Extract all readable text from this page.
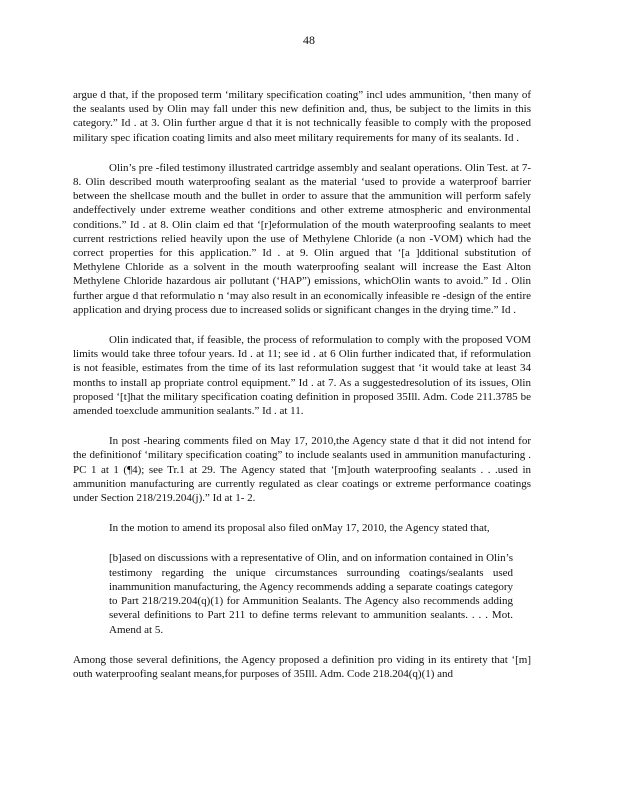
48

argue d that, if the proposed term ‘military specification coating” incl udes ammunition, ‘then many of the sealants used by Olin may fall under this new definition and, thus, be subject to the limits in this category.” Id . at 3. Olin further argue d that it is not technically feasible to comply with the proposed military spec ification coating limits and also meet military requirements for many of its sealants. Id .

Olin’s pre -filed testimony illustrated cartridge assembly and sealant operations. Olin Test. at 7-8. Olin described mouth waterproofing sealant as the material ‘used to provide a waterproof barrier between the shellcase mouth and the bullet in order to assure that the ammunition will perform safely andeffectively under extreme weather conditions and other extreme atmospheric and environmental conditions.” Id . at 8. Olin claim ed that ‘[r]eformulation of the mouth waterproofing sealants to meet current restrictions relied heavily upon the use of Methylene Chloride (a non -VOM) which had the correct properties for this application.” Id . at 9. Olin argued that ‘[a ]dditional substitution of Methylene Chloride as a solvent in the mouth waterproofing sealant will increase the East Alton Methylene Chloride hazardous air pollutant (‘HAP”) emissions, whichOlin wants to avoid.” Id . Olin further argue d that reformulatio n ‘may also result in an economically infeasible re -design of the entire application and drying process due to increased solids or significant changes in the drying time.” Id .

Olin indicated that, if feasible, the process of reformulation to comply with the proposed VOM limits would take three tofour years. Id . at 11; see id . at 6 Olin further indicated that, if reformulation is not feasible, estimates from the time of its last reformulation suggest that ‘it would take at least 34 months to install ap propriate control equipment.” Id . at 7. As a suggestedresolution of its issues, Olin proposed ‘[t]hat the military specification coating definition in proposed 35Ill. Adm. Code 211.3785 be amended toexclude ammunition sealants.” Id . at 11.

In post -hearing comments filed on May 17, 2010,the Agency state d that it did not intend for the definitionof ‘military specification coating” to include sealants used in ammunition manufacturing . PC 1 at 1 (¶4); see Tr.1 at 29. The Agency stated that ‘[m]outh waterproofing sealants . . .used in ammunition manufacturing are currently regulated as clear coatings or extreme performance coatings under Section 218/219.204(j).” Id at 1- 2.

In the motion to amend its proposal also filed onMay 17, 2010, the Agency stated that,

[b]ased on discussions with a representative of Olin, and on information contained in Olin’s testimony regarding the unique circumstances surrounding coatings/sealants used inammunition manufacturing, the Agency recommends adding a separate coatings category to Part 218/219.204(q)(1) for Ammunition Sealants. The Agency also recommends adding several definitions to Part 211 to define terms relevant to ammunition sealants. . . . Mot. Amend at 5.

Among those several definitions, the Agency proposed a definition pro viding in its entirety that ‘[m] outh waterproofing sealant means,for purposes of 35Ill. Adm. Code 218.204(q)(1) and
